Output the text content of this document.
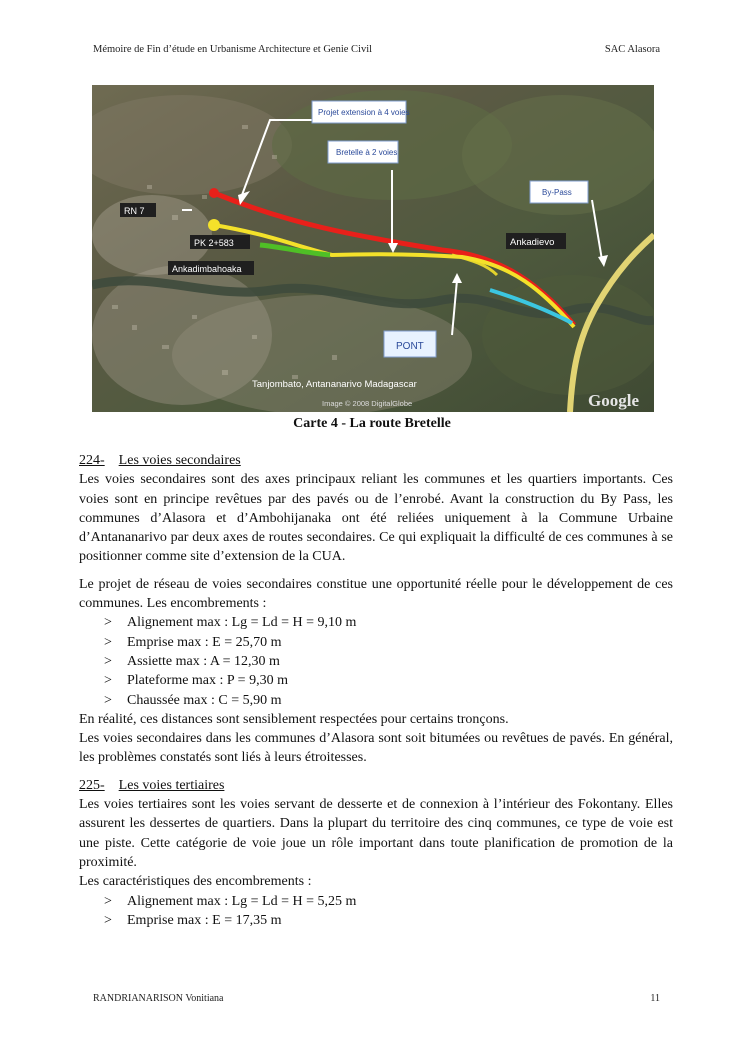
Mémoire de Fin d’étude en Urbanisme Architecture et Genie Civil	SAC Alasora
Projet extension à 4 voies
Bretelle à 2 voies
By-Pass
PONT
RN 7
PK 2+583
Ankadimbahoaka
Ankadievo
Tanjombato, Antananarivo Madagascar
Image © 2008 DigitalGlobe	Google
Carte 4 - La route Bretelle
224- Les voies secondaires

Les voies secondaires sont des axes principaux reliant les communes et les quartiers importants. Ces voies sont en principe revêtues par des pavés ou de l’enrobé. Avant la construction du By Pass, les communes d’Alasora et d’Ambohijanaka ont été reliées uniquement à la Commune Urbaine d’Antananarivo par deux axes de routes secondaires. Ce qui expliquait la difficulté de ces communes à se positionner comme site d’extension de la CUA.

Le projet de réseau de voies secondaires constitue une opportunité réelle pour le développement de ces communes. Les encombrements :

> Alignement max : Lg = Ld = H = 9,10 m
> Emprise max : E = 25,70 m
> Assiette max : A = 12,30 m
> Plateforme max : P = 9,30 m
> Chaussée max : C = 5,90 m

En réalité, ces distances sont sensiblement respectées pour certains tronçons.

Les voies secondaires dans les communes d’Alasora sont soit bitumées ou revêtues de pavés. En général, les problèmes constatés sont liés à leurs étroitesses.

225- Les voies tertiaires

Les voies tertiaires sont les voies servant de desserte et de connexion à l’intérieur des Fokontany. Elles assurent les dessertes de quartiers. Dans la plupart du territoire des cinq communes, ce type de voie est une piste. Cette catégorie de voie joue un rôle important dans toute planification de promotion de la proximité.

Les caractéristiques des encombrements :

> Alignement max : Lg = Ld = H = 5,25 m
> Emprise max : E = 17,35 m
RANDRIANARISON Vonitiana	11
